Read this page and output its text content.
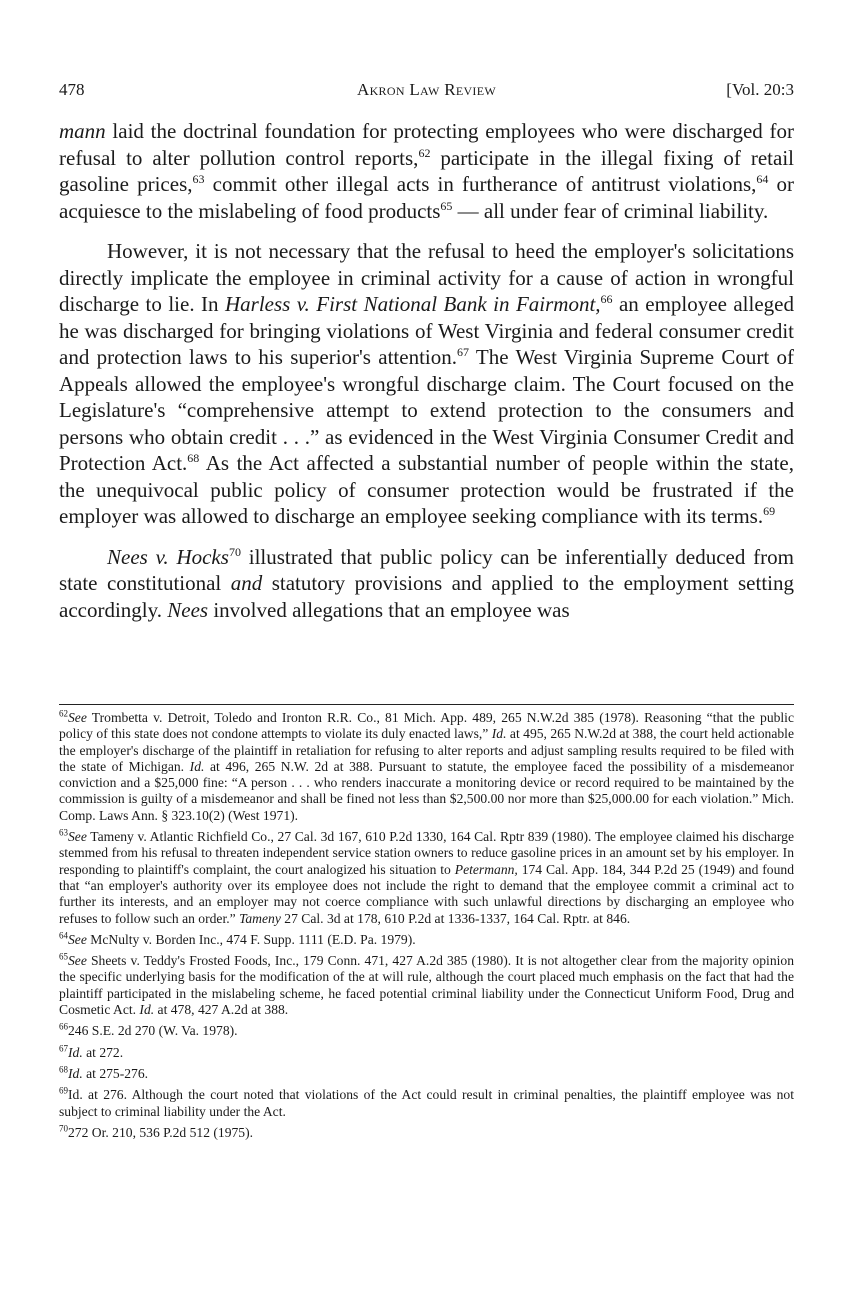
478	Akron Law Review	[Vol. 20:3

mann laid the doctrinal foundation for protecting employees who were discharged for refusal to alter pollution control reports,$^{62}$ participate in the illegal fixing of retail gasoline prices,$^{63}$ commit other illegal acts in furtherance of antitrust violations,$^{64}$ or acquiesce to the mislabeling of food products$^{65}$ — all under fear of criminal liability.

However, it is not necessary that the refusal to heed the employer's solicitations directly implicate the employee in criminal activity for a cause of action in wrongful discharge to lie. In Harless v. First National Bank in Fairmont,$^{66}$ an employee alleged he was discharged for bringing violations of West Virginia and federal consumer credit and protection laws to his superior's attention.$^{67}$ The West Virginia Supreme Court of Appeals allowed the employee's wrongful discharge claim. The Court focused on the Legislature's “comprehensive attempt to extend protection to the consumers and persons who obtain credit . . .” as evidenced in the West Virginia Consumer Credit and Protection Act.$^{68}$ As the Act affected a substantial number of people within the state, the unequivocal public policy of consumer protection would be frustrated if the employer was allowed to discharge an employee seeking compliance with its terms.$^{69}$

Nees v. Hocks$^{70}$ illustrated that public policy can be inferentially deduced from state constitutional and statutory provisions and applied to the employment setting accordingly. Nees involved allegations that an employee was

$^{62}$See Trombetta v. Detroit, Toledo and Ironton R.R. Co., 81 Mich. App. 489, 265 N.W.2d 385 (1978). Reasoning “that the public policy of this state does not condone attempts to violate its duly enacted laws,” Id. at 495, 265 N.W.2d at 388, the court held actionable the employer's discharge of the plaintiff in retaliation for refusing to alter reports and adjust sampling results required to be filed with the state of Michigan. Id. at 496, 265 N.W. 2d at 388. Pursuant to statute, the employee faced the possibility of a misdemeanor conviction and a $25,000 fine: “A person . . . who renders inaccurate a monitoring device or record required to be maintained by the commission is guilty of a misdemeanor and shall be fined not less than $2,500.00 nor more than $25,000.00 for each violation.” Mich. Comp. Laws Ann. § 323.10(2) (West 1971).

$^{63}$See Tameny v. Atlantic Richfield Co., 27 Cal. 3d 167, 610 P.2d 1330, 164 Cal. Rptr 839 (1980). The employee claimed his discharge stemmed from his refusal to threaten independent service station owners to reduce gasoline prices in an amount set by his employer. In responding to plaintiff's complaint, the court analogized his situation to Petermann, 174 Cal. App. 184, 344 P.2d 25 (1949) and found that “an employer's authority over its employee does not include the right to demand that the employee commit a criminal act to further its interests, and an employer may not coerce compliance with such unlawful directions by discharging an employee who refuses to follow such an order.” Tameny 27 Cal. 3d at 178, 610 P.2d at 1336-1337, 164 Cal. Rptr. at 846.

$^{64}$See McNulty v. Borden Inc., 474 F. Supp. 1111 (E.D. Pa. 1979).

$^{65}$See Sheets v. Teddy's Frosted Foods, Inc., 179 Conn. 471, 427 A.2d 385 (1980). It is not altogether clear from the majority opinion the specific underlying basis for the modification of the at will rule, although the court placed much emphasis on the fact that had the plaintiff participated in the mislabeling scheme, he faced potential criminal liability under the Connecticut Uniform Food, Drug and Cosmetic Act. Id. at 478, 427 A.2d at 388.

$^{66}$246 S.E. 2d 270 (W. Va. 1978).

$^{67}$Id. at 272.

$^{68}$Id. at 275-276.

$^{69}$Id. at 276. Although the court noted that violations of the Act could result in criminal penalties, the plaintiff employee was not subject to criminal liability under the Act.

$^{70}$272 Or. 210, 536 P.2d 512 (1975).
